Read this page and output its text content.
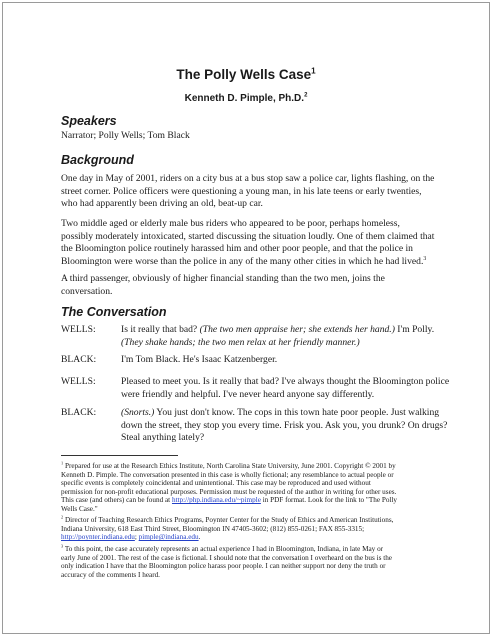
The Polly Wells Case$^1$
Kenneth D. Pimple, Ph.D.$^2$
Speakers
Narrator; Polly Wells; Tom Black
Background
One day in May of 2001, riders on a city bus at a bus stop saw a police car, lights flashing, on the
street corner. Police officers were questioning a young man, in his late teens or early twenties,
who had apparently been driving an old, beat-up car.
Two middle aged or elderly male bus riders who appeared to be poor, perhaps homeless,
possibly moderately intoxicated, started discussing the situation loudly. One of them claimed that
the Bloomington police routinely harassed him and other poor people, and that the police in
Bloomington were worse than the police in any of the many other cities in which he had lived.$^3$
A third passenger, obviously of higher financial standing than the two men, joins the
conversation.
The Conversation
WELLS:	Is it really that bad? (The two men appraise her; she extends her hand.) I'm Polly.
(They shake hands; the two men relax at her friendly manner.)
BLACK:	I'm Tom Black. He's Isaac Katzenberger.
WELLS:	Pleased to meet you. Is it really that bad? I've always thought the Bloomington police
were friendly and helpful. I've never heard anyone say differently.
BLACK:	(Snorts.) You just don't know. The cops in this town hate poor people. Just walking
down the street, they stop you every time. Frisk you. Ask you, you drunk? On drugs?
Steal anything lately?
$^1$ Prepared for use at the Research Ethics Institute, North Carolina State University, June 2001. Copyright © 2001 by
Kenneth D. Pimple. The conversation presented in this case is wholly fictional; any resemblance to actual people or
specific events is completely coincidental and unintentional. This case may be reproduced and used without
permission for non-profit educational purposes. Permission must be requested of the author in writing for other uses.
This case (and others) can be found at http://php.indiana.edu/~pimple in PDF format. Look for the link to "The Polly
Wells Case."
$^2$ Director of Teaching Research Ethics Programs, Poynter Center for the Study of Ethics and American Institutions,
Indiana University, 618 East Third Street, Bloomington IN 47405-3602; (812) 855-0261; FAX 855-3315;
http://poynter.indiana.edu; pimple@indiana.edu.
$^3$ To this point, the case accurately represents an actual experience I had in Bloomington, Indiana, in late May or
early June of 2001. The rest of the case is fictional. I should note that the conversation I overheard on the bus is the
only indication I have that the Bloomington police harass poor people. I can neither support nor deny the truth or
accuracy of the comments I heard.
